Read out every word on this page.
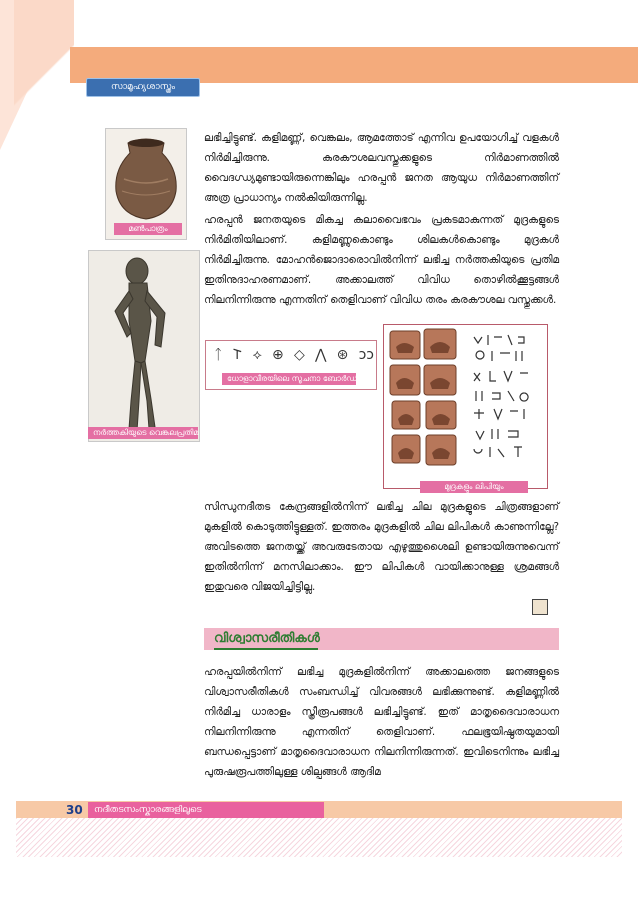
സാമൂഹ്യശാസ്ത്രം
മൺപാത്രം
നർത്തകിയുടെ വെങ്കലപ്രതിമ

ലഭിച്ചിട്ടുണ്ട്. കളിമണ്ണ്, വെങ്കലം, ആമത്തോട് എന്നിവ ഉപയോഗിച്ച് വളകൾ നിർമിച്ചിരുന്നു. കരകൗശലവസ്തുക്കളുടെ നിർമാണത്തിൽ വൈദഗ്ധ്യമുണ്ടായിരുന്നെങ്കിലും ഹരപ്പൻ ജനത ആയുധ നിർമാണത്തിന് അത്ര പ്രാധാന്യം നൽകിയിരുന്നില്ല.

ഹരപ്പൻ ജനതയുടെ മികച്ച കലാവൈഭവം പ്രകടമാകുന്നത് മുദ്രകളുടെ നിർമിതിയിലാണ്. കളിമണ്ണുകൊണ്ടും ശിലകൾകൊണ്ടും മുദ്രകൾ നിർമിച്ചിരുന്നു. മോഹൻജൊദാരൊവിൽനിന്ന് ലഭിച്ച നർത്തകിയുടെ പ്രതിമ ഇതിനുദാഹരണമാണ്. അക്കാലത്ത് വിവിധ തൊഴിൽക്കൂട്ടങ്ങൾ നിലനിന്നിരുന്നു എന്നതിന് തെളിവാണ് വിവിധ തരം കരകൗശല വസ്തുക്കൾ.

ᛏ 𐌕 ⟡ ⊕ ◇ ⋀ ⊛ ↄↄ
ധോളാവീരയിലെ സൂചനാ ബോർഡ്
മുദ്രകളും ലിപിയും

സിന്ധുനദീതട കേന്ദ്രങ്ങളിൽനിന്ന് ലഭിച്ച ചില മുദ്രകളുടെ ചിത്രങ്ങളാണ് മുകളിൽ കൊടുത്തിട്ടുള്ളത്. ഇത്തരം മുദ്രകളിൽ ചില ലിപികൾ കാണുന്നില്ലേ? അവിടത്തെ ജനതയ്ക്ക് അവരുടേതായ എഴുത്തുശൈലി ഉണ്ടായിരുന്നുവെന്ന് ഇതിൽനിന്ന് മനസിലാക്കാം. ഈ ലിപികൾ വായിക്കാനുള്ള ശ്രമങ്ങൾ ഇതുവരെ വിജയിച്ചിട്ടില്ല.

വിശ്വാസരീതികൾ

ഹരപ്പയിൽനിന്ന് ലഭിച്ച മുദ്രകളിൽനിന്ന് അക്കാലത്തെ ജനങ്ങളുടെ വിശ്വാസരീതികൾ സംബന്ധിച്ച് വിവരങ്ങൾ ലഭിക്കുന്നുണ്ട്. കളിമണ്ണിൽ നിർമിച്ച ധാരാളം സ്ത്രീരൂപങ്ങൾ ലഭിച്ചിട്ടുണ്ട്. ഇത് മാതൃദൈവാരാധന നിലനിന്നിരുന്നു എന്നതിന് തെളിവാണ്. ഫലഭൂയിഷ്ഠതയുമായി ബന്ധപ്പെട്ടാണ് മാതൃദൈവാരാധന നിലനിന്നിരുന്നത്. ഇവിടെനിന്നും ലഭിച്ച പുരുഷരൂപത്തിലുള്ള ശില്പങ്ങൾ ആദിമ

30	നദീതടസംസ്കാരങ്ങളിലൂടെ
